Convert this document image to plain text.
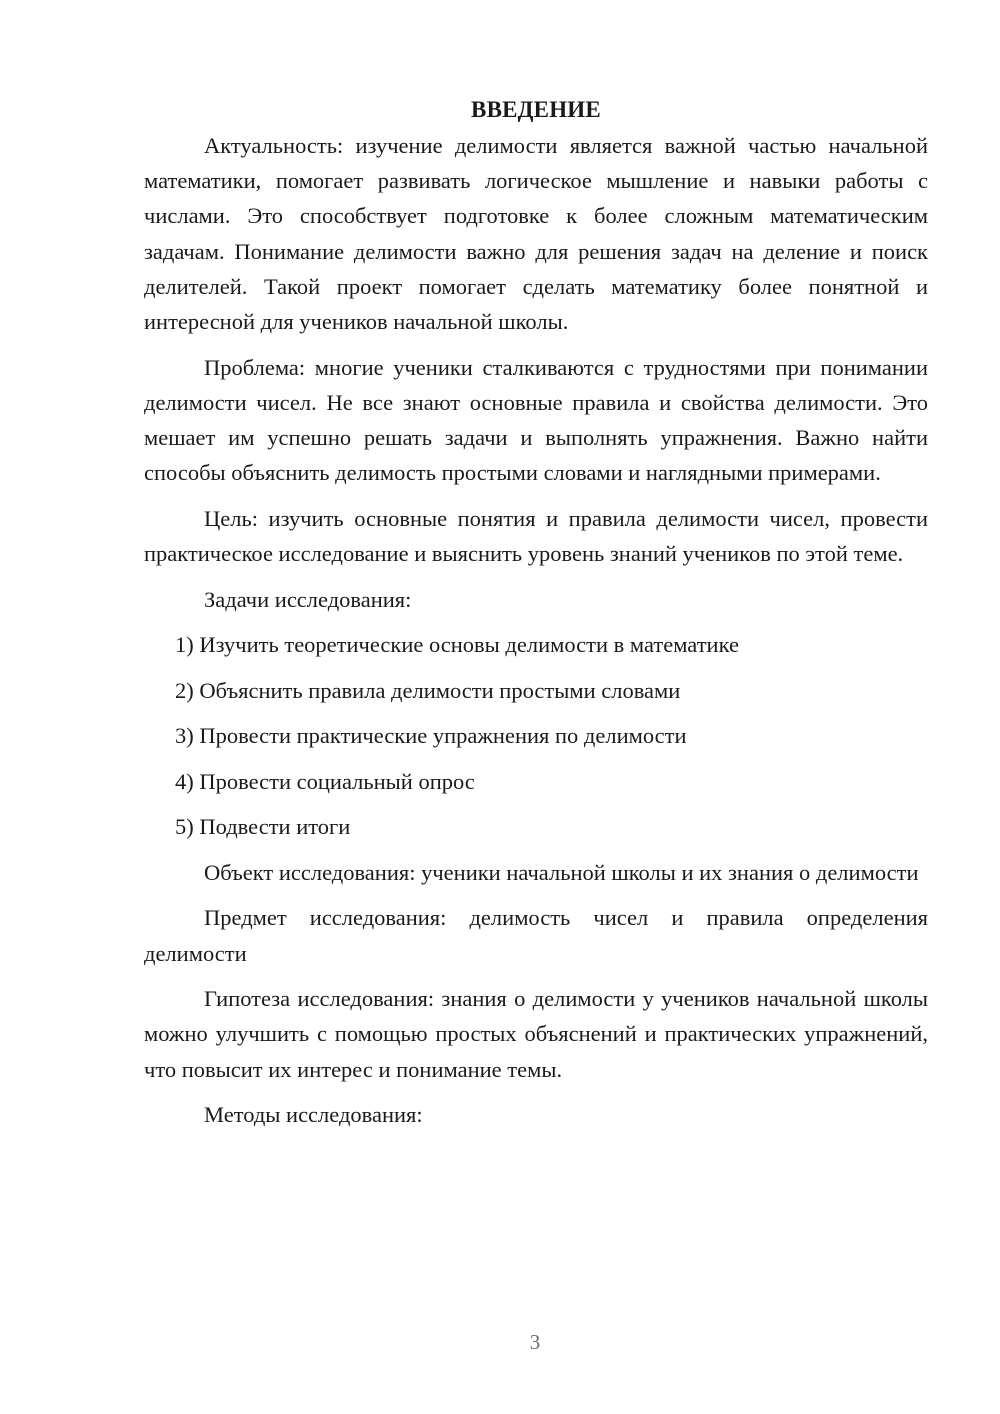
ВВЕДЕНИЕ

Актуальность: изучение делимости является важной частью начальной математики, помогает развивать логическое мышление и навыки работы с числами. Это способствует подготовке к более сложным математическим задачам. Понимание делимости важно для решения задач на деление и поиск делителей. Такой проект помогает сделать математику более понятной и интересной для учеников начальной школы.

Проблема: многие ученики сталкиваются с трудностями при понимании делимости чисел. Не все знают основные правила и свойства делимости. Это мешает им успешно решать задачи и выполнять упражнения. Важно найти способы объяснить делимость простыми словами и наглядными примерами.

Цель: изучить основные понятия и правила делимости чисел, провести практическое исследование и выяснить уровень знаний учеников по этой теме.

Задачи исследования:

1) Изучить теоретические основы делимости в математике
2) Объяснить правила делимости простыми словами
3) Провести практические упражнения по делимости
4) Провести социальный опрос
5) Подвести итоги

Объект исследования: ученики начальной школы и их знания о делимости

Предмет исследования: делимость чисел и правила определения делимости

Гипотеза исследования: знания о делимости у учеников начальной школы можно улучшить с помощью простых объяснений и практических упражнений, что повысит их интерес и понимание темы.

Методы исследования:

3
